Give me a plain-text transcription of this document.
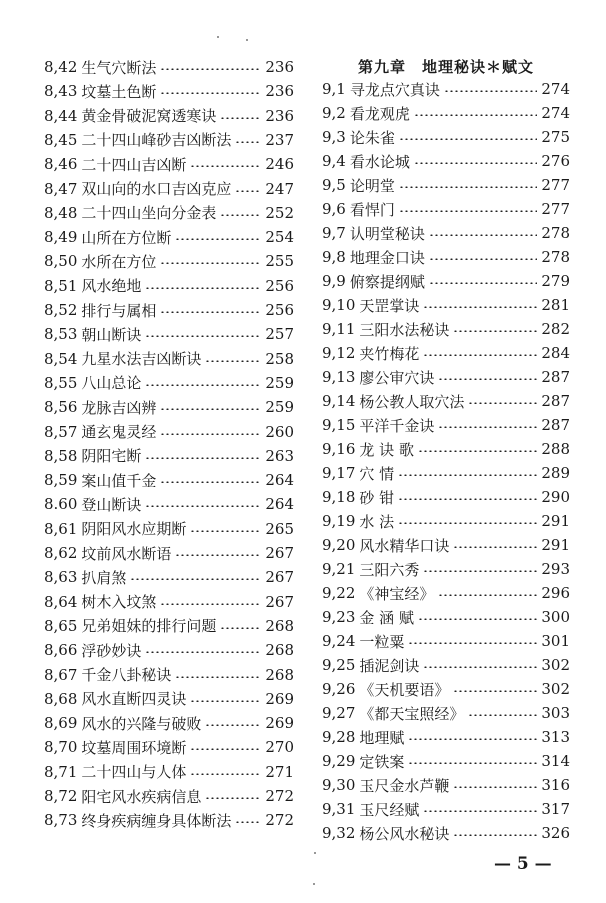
第九章　地理秘诀＊赋文
8,42 生气穴断法	236
8,43 坟墓土色断	236
8,44 黄金骨破泥窝透寒诀	236
8,45 二十四山峰砂吉凶断法 237
8,46 二十四山吉凶断	246
8,47 双山向的水口吉凶克应 247
8,48 二十四山坐向分金表	252
8,49 山所在方位断	254
8,50 水所在方位	255
8,51 风水绝地	256
8,52 排行与属相	256
8,53 朝山断诀	257
8,54 九星水法吉凶断诀	258
8,55 八山总论	259
8,56 龙脉吉凶辨	259
8,57 通玄鬼灵经	260
8,58 阴阳宅断	263
8,59 案山值千金	264
8.60 登山断诀	264
8,61 阴阳风水应期断	265
8,62 坟前风水断语	267
8,63 扒肩煞	267
8,64 树木入坟煞	267
8,65 兄弟姐妹的排行问题	268
8,66 浮砂妙诀	268
8,67 千金八卦秘诀	268
8,68 风水直断四灵诀	269
8,69 风水的兴隆与破败	269
8,70 坟墓周围环境断	270
8,71 二十四山与人体	271
8,72 阳宅风水疾病信息	272
8,73 终身疾病缠身具体断法 272
9,1 寻龙点穴真诀	274
9,2 看龙观虎	274
9,3 论朱雀	275
9,4 看水论城	276
9,5 论明堂	277
9,6 看悍门	277
9,7 认明堂秘诀	278
9,8 地理金口诀	278
9,9 俯察提纲赋	279
9,10 天罡掌诀	281
9,11 三阳水法秘诀	282
9,12 夹竹梅花	284
9,13 廖公审穴诀	287
9,14 杨公教人取穴法	287
9,15 平洋千金诀	287
9,16 龙 诀 歌	288
9,17 穴 情	289
9,18 砂 钳	290
9,19 水 法	291
9,20 风水精华口诀	291
9,21 三阳六秀	293
9,22 《神宝经》	296
9,23 金 涵 赋	300
9,24 一粒粟	301
9,25 插泥剑诀	302
9,26 《天机要语》	302
9,27 《都天宝照经》	303
9,28 地理赋	313
9,29 定铁案	314
9,30 玉尺金水芦鞭	316
9,31 玉尺经赋	317
9,32 杨公风水秘诀	326
— 5 —
